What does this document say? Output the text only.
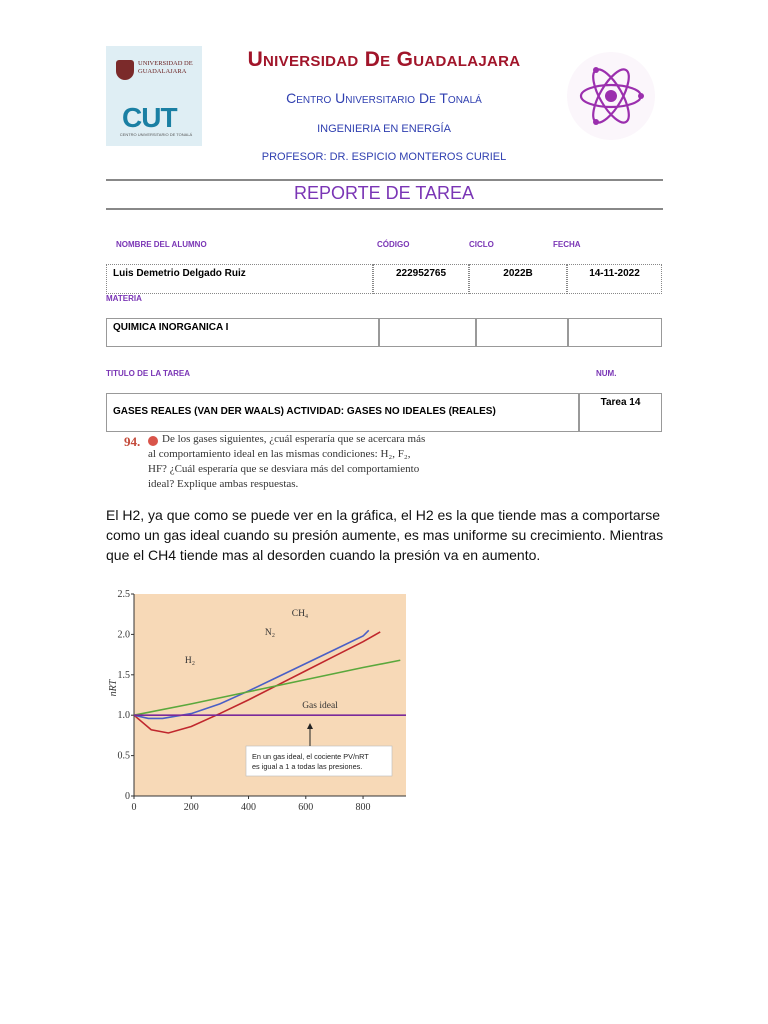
UNIVERSIDAD DE GUADALAJARA
CUT
CENTRO UNIVERSITARIO DE TONALÁ
Universidad De Guadalajara
Centro Universitario De Tonalá
INGENIERIA EN ENERGÍA
PROFESOR: DR. ESPICIO MONTEROS CURIEL
REPORTE DE TAREA
NOMBRE DEL ALUMNO	CÓDIGO	CICLO	FECHA
Luis Demetrio Delgado Ruiz	222952765	2022B	14-11-2022
MATERIA
QUIMICA INORGANICA I
TITULO DE LA TAREA	NUM.
GASES REALES (VAN DER WAALS) ACTIVIDAD: GASES NO IDEALES (REALES)
Tarea 14
94.	De los gases siguientes, ¿cuál esperaría que se acercara más al comportamiento ideal en las mismas condiciones: H₂, F₂, HF? ¿Cuál esperaría que se desviara más del comportamiento ideal? Explique ambas respuestas.
El H2, ya que como se puede ver en la gráfica, el H2 es la que tiende mas a comportarse como un gas ideal cuando su presión aumente, es mas uniforme su crecimiento. Mientras que el CH4 tiende mas al desorden cuando la presión va en aumento.
0
0.5
1.0
1.5
2.0
2.5
0	200	400	600	800
nRT
CH₄
N₂
H₂
Gas ideal
En un gas ideal, el cociente PV/nRT es igual a 1 a todas las presiones.
